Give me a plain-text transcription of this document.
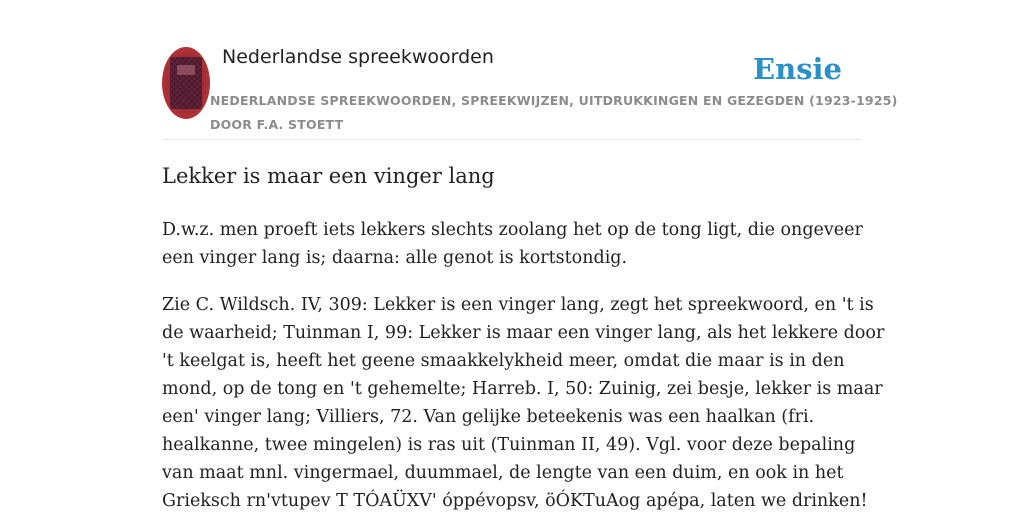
Nederlandse spreekwoorden	Ensie
NEDERLANDSE SPREEKWOORDEN, SPREEKWIJZEN, UITDRUKKINGEN EN GEZEGDEN (1923-1925)
DOOR F.A. STOETT
Lekker is maar een vinger lang

D.w.z. men proeft iets lekkers slechts zoolang het op de tong ligt, die ongeveer
een vinger lang is; daarna: alle genot is kortstondig.

Zie C. Wildsch. IV, 309: Lekker is een vinger lang, zegt het spreekwoord, en 't is
de waarheid; Tuinman I, 99: Lekker is maar een vinger lang, als het lekkere door
't keelgat is, heeft het geene smaakkelykheid meer, omdat die maar is in den
mond, op de tong en 't gehemelte; Harreb. I, 50: Zuinig, zei besje, lekker is maar
een' vinger lang; Villiers, 72. Van gelijke beteekenis was een haalkan (fri.
healkanne, twee mingelen) is ras uit (Tuinman II, 49). Vgl. voor deze bepaling
van maat mnl. vingermael, duummael, de lengte van een duim, en ook in het
Grieksch rn'vtupev T TÓAÜXV' óppévopsv, öÓKTuAog apépa, laten we drinken!
